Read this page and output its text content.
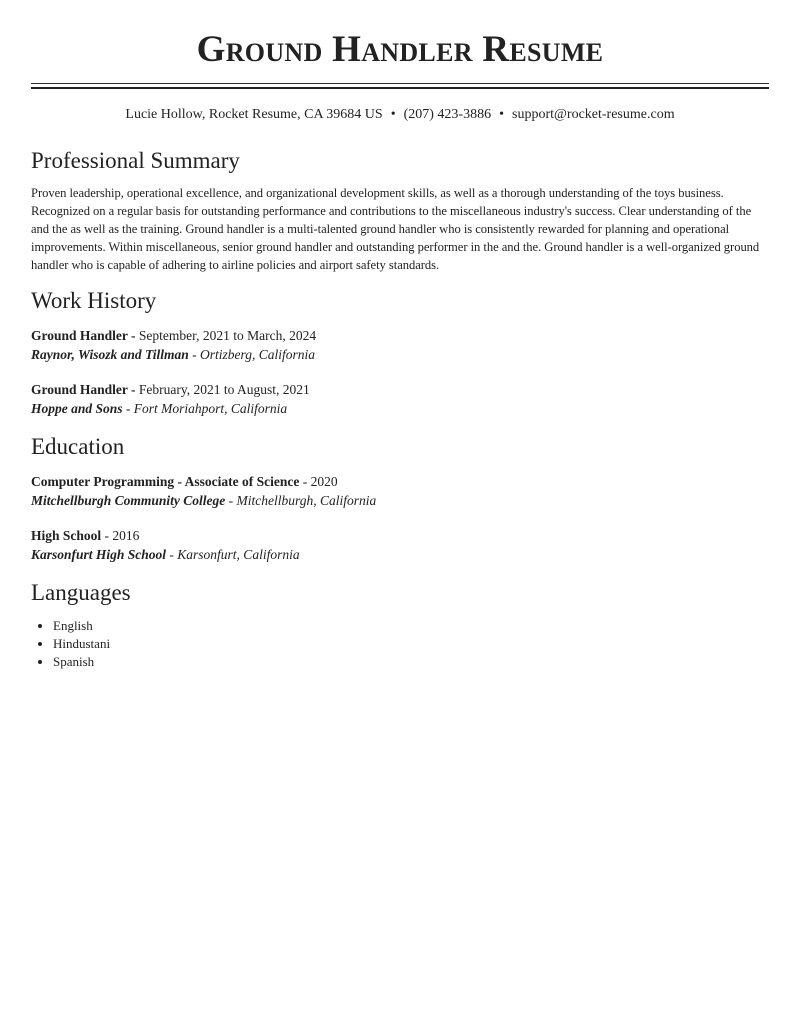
Ground Handler Resume
Lucie Hollow, Rocket Resume, CA 39684 US • (207) 423-3886 • support@rocket-resume.com
Professional Summary

Proven leadership, operational excellence, and organizational development skills, as well as a thorough understanding of the toys business. Recognized on a regular basis for outstanding performance and contributions to the miscellaneous industry's success. Clear understanding of the and the as well as the training. Ground handler is a multi-talented ground handler who is consistently rewarded for planning and operational improvements. Within miscellaneous, senior ground handler and outstanding performer in the and the. Ground handler is a well-organized ground handler who is capable of adhering to airline policies and airport safety standards.

Work History
Ground Handler - September, 2021 to March, 2024
Raynor, Wisozk and Tillman - Ortizberg, California
Ground Handler - February, 2021 to August, 2021
Hoppe and Sons - Fort Moriahport, California
Education
Computer Programming - Associate of Science - 2020
Mitchellburgh Community College - Mitchellburgh, California
High School - 2016
Karsonfurt High School - Karsonfurt, California
Languages
• English
• Hindustani
• Spanish
